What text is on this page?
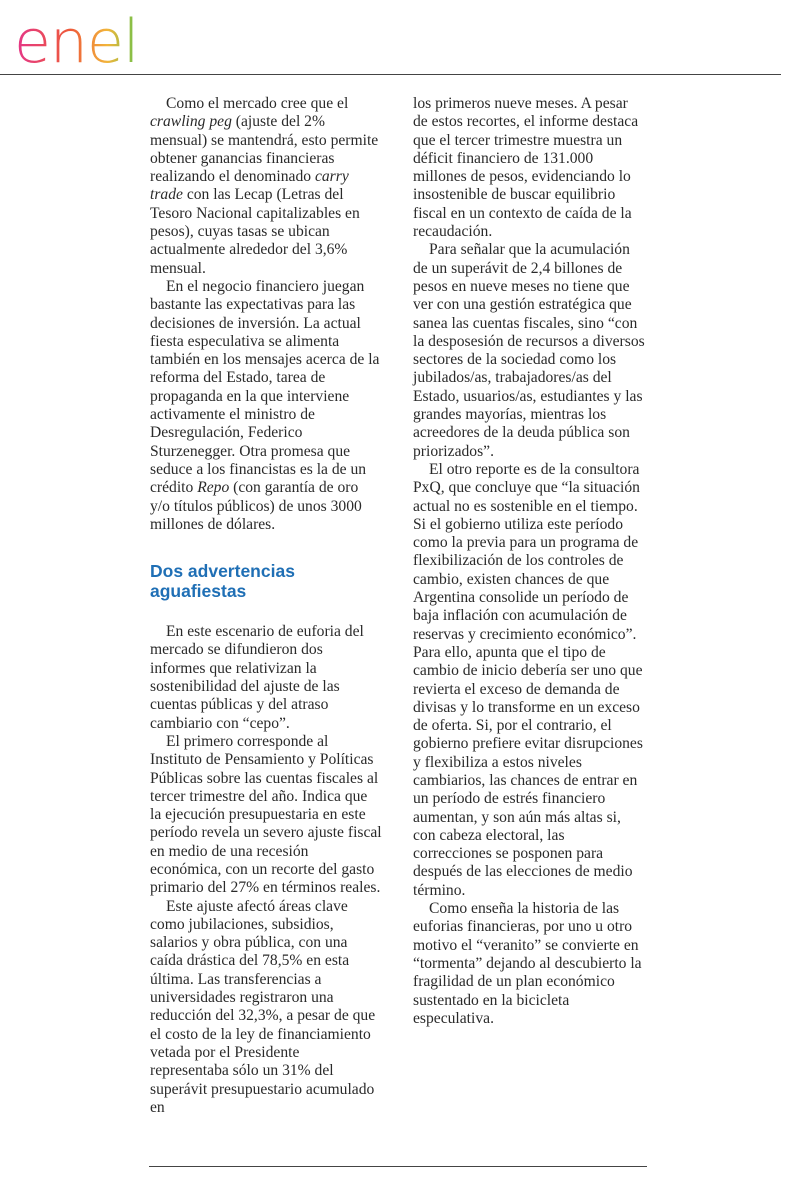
enel

Como el mercado cree que el crawling peg (ajuste del 2% mensual) se mantendrá, esto permite obtener ganancias financieras realizando el denominado carry trade con las Lecap (Letras del Tesoro Nacional capitalizables en pesos), cuyas tasas se ubican actualmente alrededor del 3,6% mensual.

En el negocio financiero juegan bastante las expectativas para las decisiones de inversión. La actual fiesta especulativa se alimenta también en los mensajes acerca de la reforma del Estado, tarea de propaganda en la que interviene activamente el ministro de Desregulación, Federico Sturzenegger. Otra promesa que seduce a los financistas es la de un crédito Repo (con garantía de oro y/o títulos públicos) de unos 3000 millones de dólares.

Dos advertencias aguafiestas

En este escenario de euforia del mercado se difundieron dos informes que relativizan la sostenibilidad del ajuste de las cuentas públicas y del atraso cambiario con “cepo”.

El primero corresponde al Instituto de Pensamiento y Políticas Públicas sobre las cuentas fiscales al tercer trimestre del año. Indica que la ejecución presupuestaria en este período revela un severo ajuste fiscal en medio de una recesión económica, con un recorte del gasto primario del 27% en términos reales.

Este ajuste afectó áreas clave como jubilaciones, subsidios, salarios y obra pública, con una caída drástica del 78,5% en esta última. Las transferencias a universidades registraron una reducción del 32,3%, a pesar de que el costo de la ley de financiamiento vetada por el Presidente representaba sólo un 31% del superávit presupuestario acumulado en

los primeros nueve meses. A pesar de estos recortes, el informe destaca que el tercer trimestre muestra un déficit financiero de 131.000 millones de pesos, evidenciando lo insostenible de buscar equilibrio fiscal en un contexto de caída de la recaudación.

Para señalar que la acumulación de un superávit de 2,4 billones de pesos en nueve meses no tiene que ver con una gestión estratégica que sanea las cuentas fiscales, sino “con la desposesión de recursos a diversos sectores de la sociedad como los jubilados/as, trabajadores/as del Estado, usuarios/as, estudiantes y las grandes mayorías, mientras los acreedores de la deuda pública son priorizados”.

El otro reporte es de la consultora PxQ, que concluye que “la situación actual no es sostenible en el tiempo. Si el gobierno utiliza este período como la previa para un programa de flexibilización de los controles de cambio, existen chances de que Argentina consolide un período de baja inflación con acumulación de reservas y crecimiento económico”. Para ello, apunta que el tipo de cambio de inicio debería ser uno que revierta el exceso de demanda de divisas y lo transforme en un exceso de oferta. Si, por el contrario, el gobierno prefiere evitar disrupciones y flexibiliza a estos niveles cambiarios, las chances de entrar en un período de estrés financiero aumentan, y son aún más altas si, con cabeza electoral, las correcciones se posponen para después de las elecciones de medio término.

Como enseña la historia de las euforias financieras, por uno u otro motivo el “veranito” se convierte en “tormenta” dejando al descubierto la fragilidad de un plan económico sustentado en la bicicleta especulativa.
